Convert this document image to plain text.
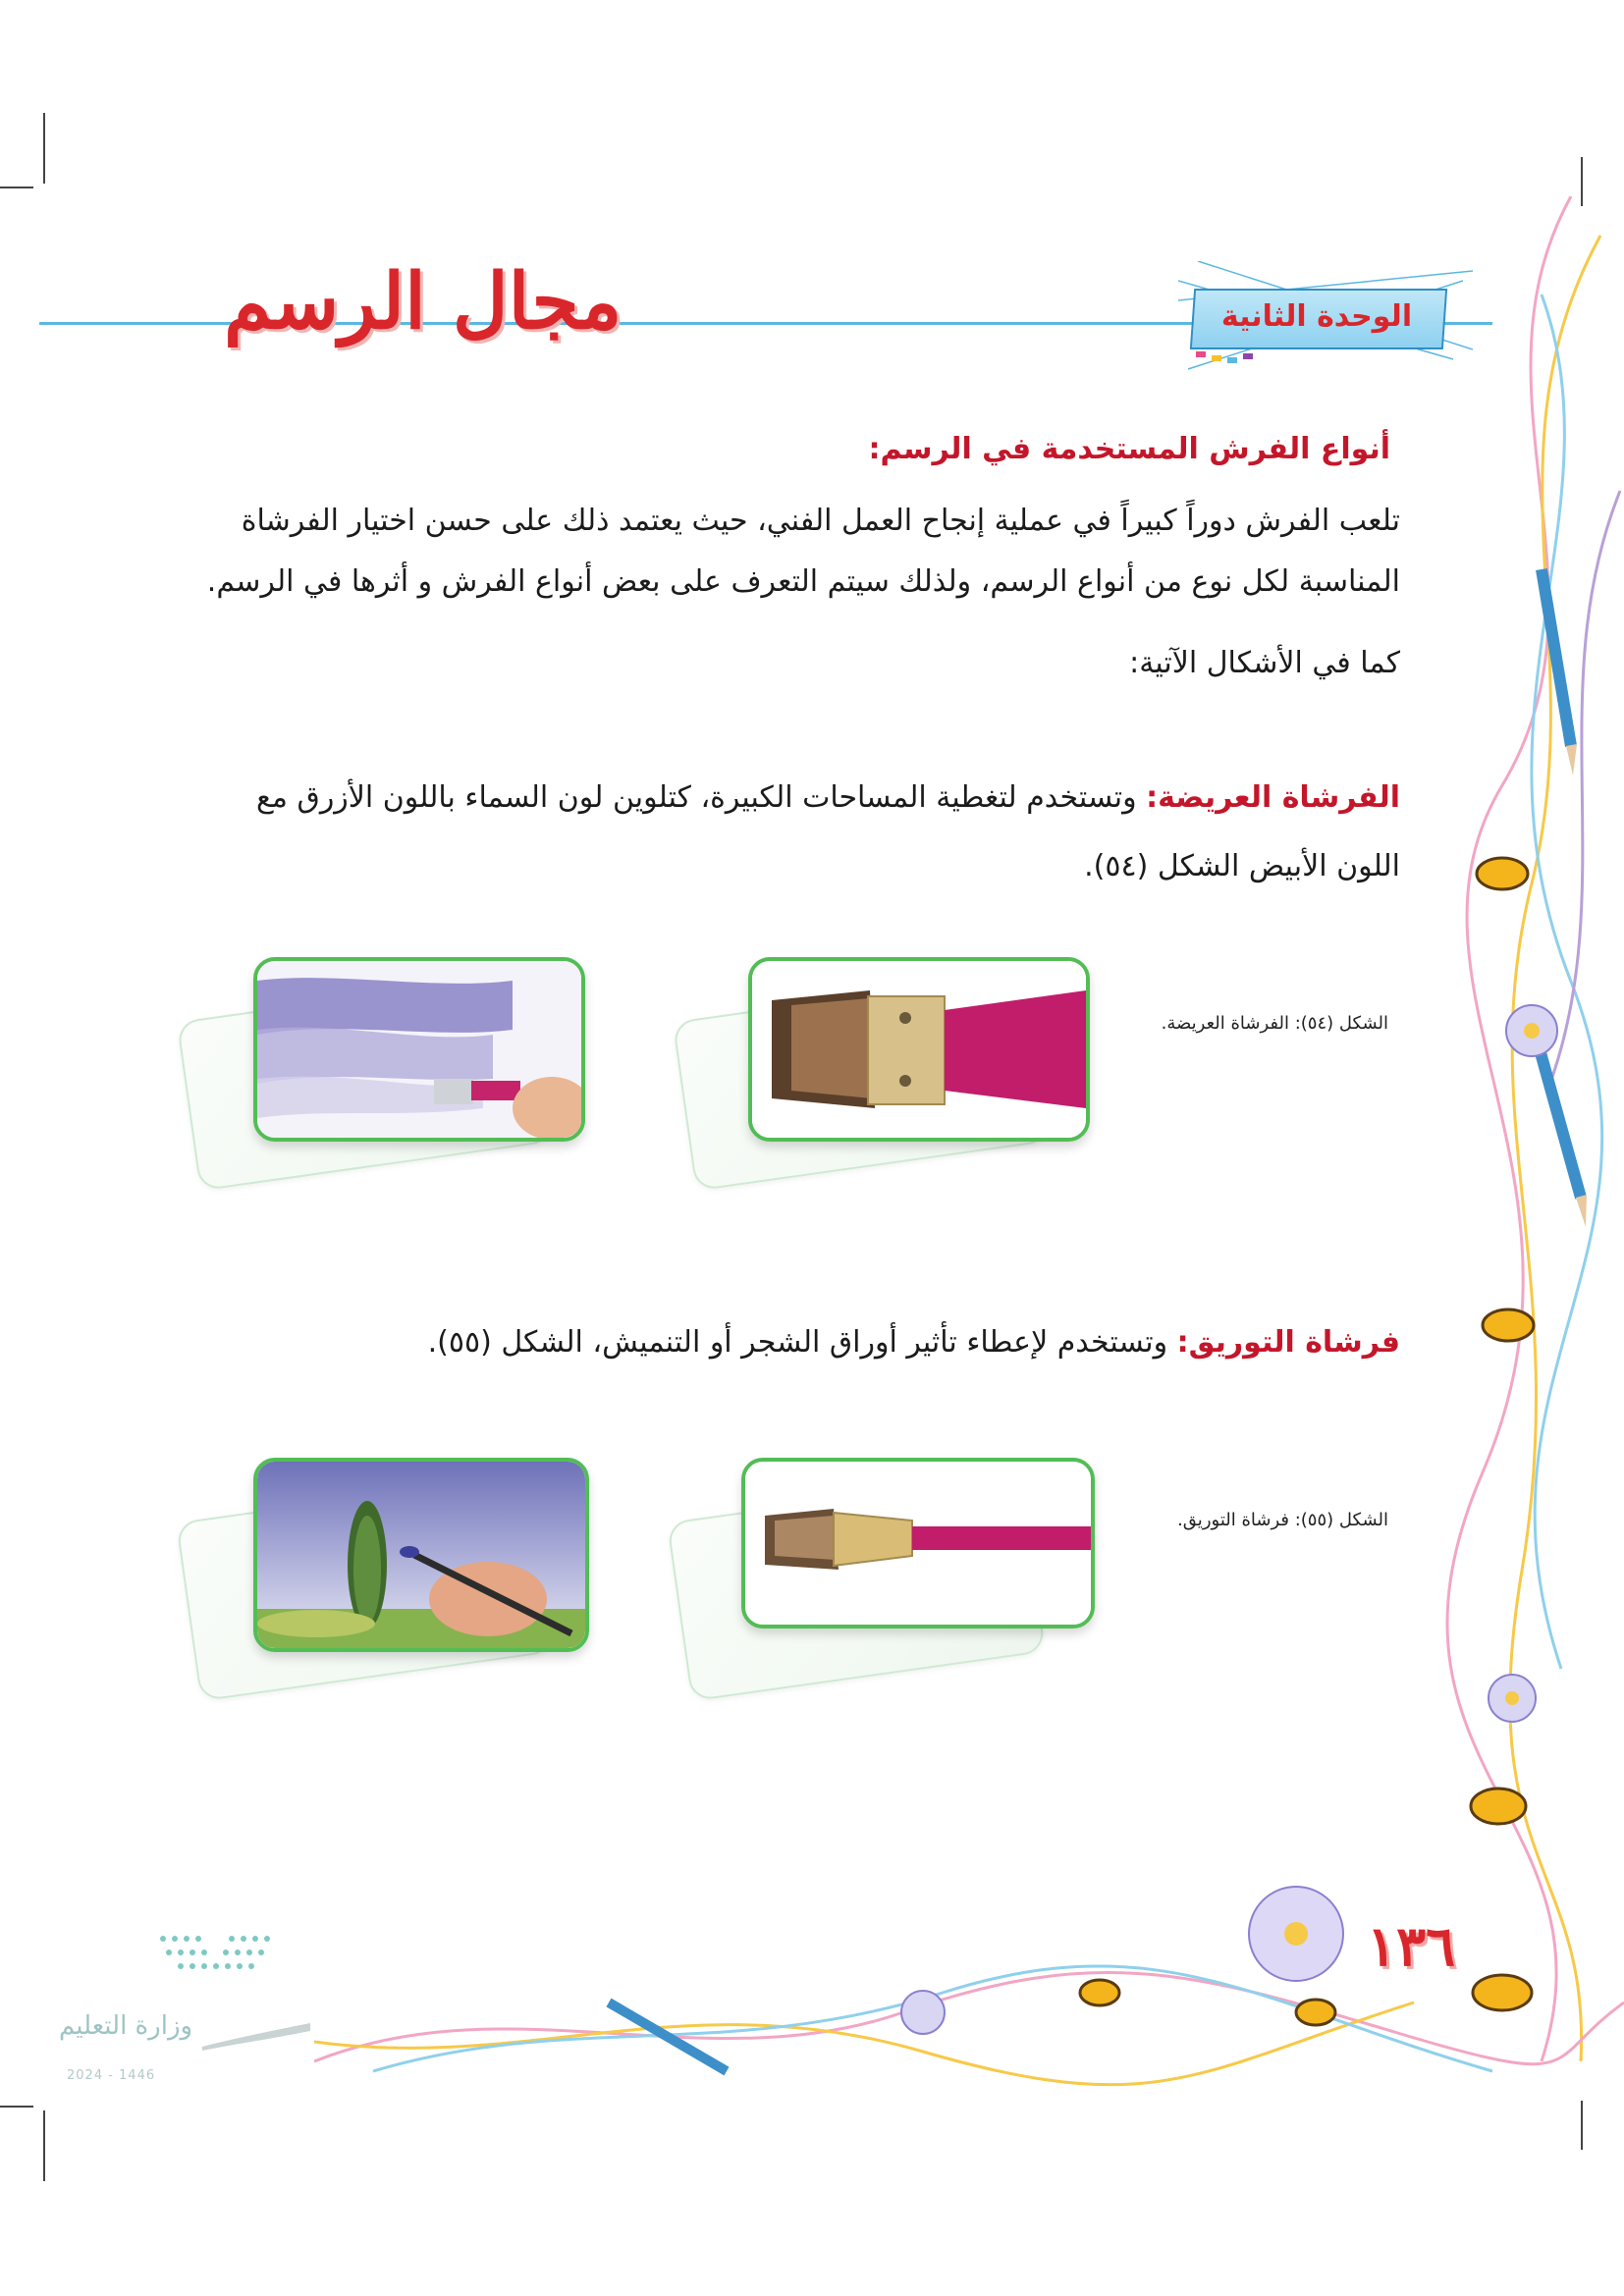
مجال الرسم	الوحدة الثانية
أنواع الفرش المستخدمة في الرسم:
تلعب الفرش دوراً كبيراً في عملية إنجاح العمل الفني، حيث يعتمد ذلك على حسن اختيار الفرشاة
المناسبة لكل نوع من أنواع الرسم، ولذلك سيتم التعرف على بعض أنواع الفرش و أثرها في الرسم.
كما في الأشكال الآتية:
الفرشاة العريضة: وتستخدم لتغطية المساحات الكبيرة، كتلوين لون السماء باللون الأزرق مع
اللون الأبيض الشكل (٥٤).
الشكل (٥٤): الفرشاة العريضة.
فرشاة التوريق: وتستخدم لإعطاء تأثير أوراق الشجر أو التنميش، الشكل (٥٥).
الشكل (٥٥): فرشاة التوريق.
١٣٦
وزارة التعليم
2024 - 1446
